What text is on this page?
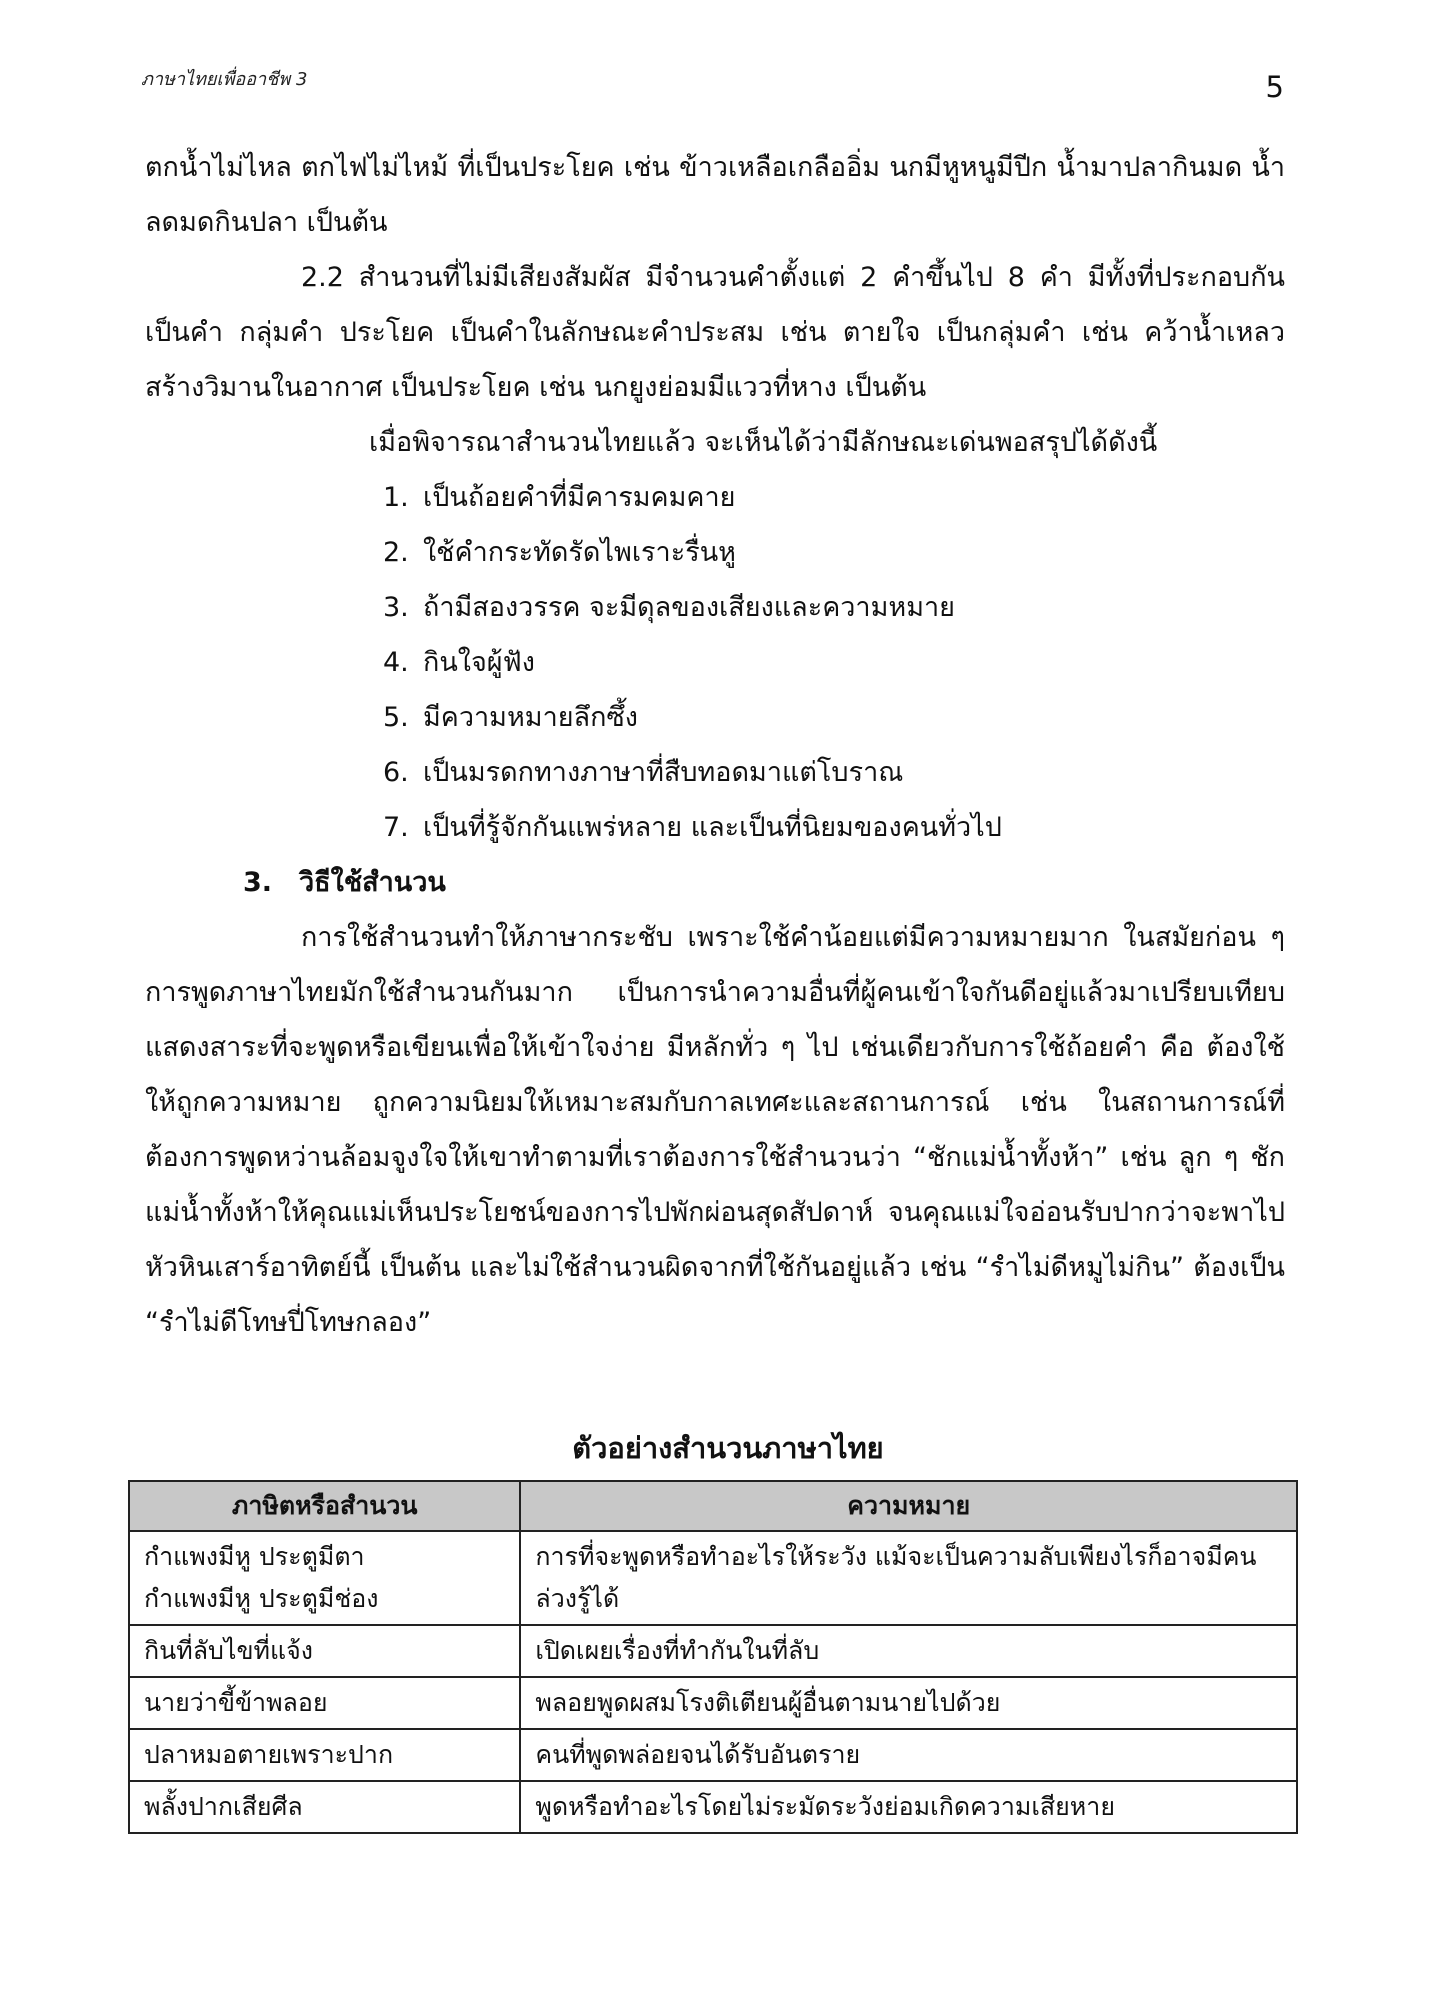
ภาษาไทยเพื่ออาชีพ 3	5

ตกน้ำไม่ไหล ตกไฟไม่ไหม้ ที่เป็นประโยค เช่น ข้าวเหลือเกลืออิ่ม นกมีหูหนูมีปีก น้ำมาปลากินมด น้ำลดมดกินปลา เป็นต้น

2.2 สำนวนที่ไม่มีเสียงสัมผัส มีจำนวนคำตั้งแต่ 2 คำขึ้นไป 8 คำ มีทั้งที่ประกอบกันเป็นคำ กลุ่มคำ ประโยค เป็นคำในลักษณะคำประสม เช่น ตายใจ เป็นกลุ่มคำ เช่น คว้าน้ำเหลว สร้างวิมานในอากาศ เป็นประโยค เช่น นกยูงย่อมมีแววที่หาง เป็นต้น

เมื่อพิจารณาสำนวนไทยแล้ว จะเห็นได้ว่ามีลักษณะเด่นพอสรุปได้ดังนี้

1. เป็นถ้อยคำที่มีคารมคมคาย

2. ใช้คำกระทัดรัดไพเราะรื่นหู

3. ถ้ามีสองวรรค จะมีดุลของเสียงและความหมาย

4. กินใจผู้ฟัง

5. มีความหมายลึกซึ้ง

6. เป็นมรดกทางภาษาที่สืบทอดมาแต่โบราณ

7. เป็นที่รู้จักกันแพร่หลาย และเป็นที่นิยมของคนทั่วไป

3. วิธีใช้สำนวน

การใช้สำนวนทำให้ภาษากระชับ เพราะใช้คำน้อยแต่มีความหมายมาก ในสมัยก่อน ๆ การพูดภาษาไทยมักใช้สำนวนกันมาก เป็นการนำความอื่นที่ผู้คนเข้าใจกันดีอยู่แล้วมาเปรียบเทียบแสดงสาระที่จะพูดหรือเขียนเพื่อให้เข้าใจง่าย มีหลักทั่ว ๆ ไป เช่นเดียวกับการใช้ถ้อยคำ คือ ต้องใช้ให้ถูกความหมาย ถูกความนิยมให้เหมาะสมกับกาลเทศะและสถานการณ์ เช่น ในสถานการณ์ที่ต้องการพูดหว่านล้อมจูงใจให้เขาทำตามที่เราต้องการใช้สำนวนว่า “ชักแม่น้ำทั้งห้า” เช่น ลูก ๆ ชักแม่น้ำทั้งห้าให้คุณแม่เห็นประโยชน์ของการไปพักผ่อนสุดสัปดาห์ จนคุณแม่ใจอ่อนรับปากว่าจะพาไปหัวหินเสาร์อาทิตย์นี้ เป็นต้น และไม่ใช้สำนวนผิดจากที่ใช้กันอยู่แล้ว เช่น “รำไม่ดีหมูไม่กิน” ต้องเป็น “รำไม่ดีโทษปี่โทษกลอง”

ตัวอย่างสำนวนภาษาไทย
ภาษิตหรือสำนวน	ความหมาย

กำแพงมีหู ประตูมีตา
กำแพงมีหู ประตูมีช่อง	การที่จะพูดหรือทำอะไรให้ระวัง แม้จะเป็นความลับเพียงไรก็อาจมีคนล่วงรู้ได้
กินที่ลับไขที่แจ้ง	เปิดเผยเรื่องที่ทำกันในที่ลับ
นายว่าขี้ข้าพลอย	พลอยพูดผสมโรงติเตียนผู้อื่นตามนายไปด้วย
ปลาหมอตายเพราะปาก	คนที่พูดพล่อยจนได้รับอันตราย
พลั้งปากเสียศีล	พูดหรือทำอะไรโดยไม่ระมัดระวังย่อมเกิดความเสียหาย
